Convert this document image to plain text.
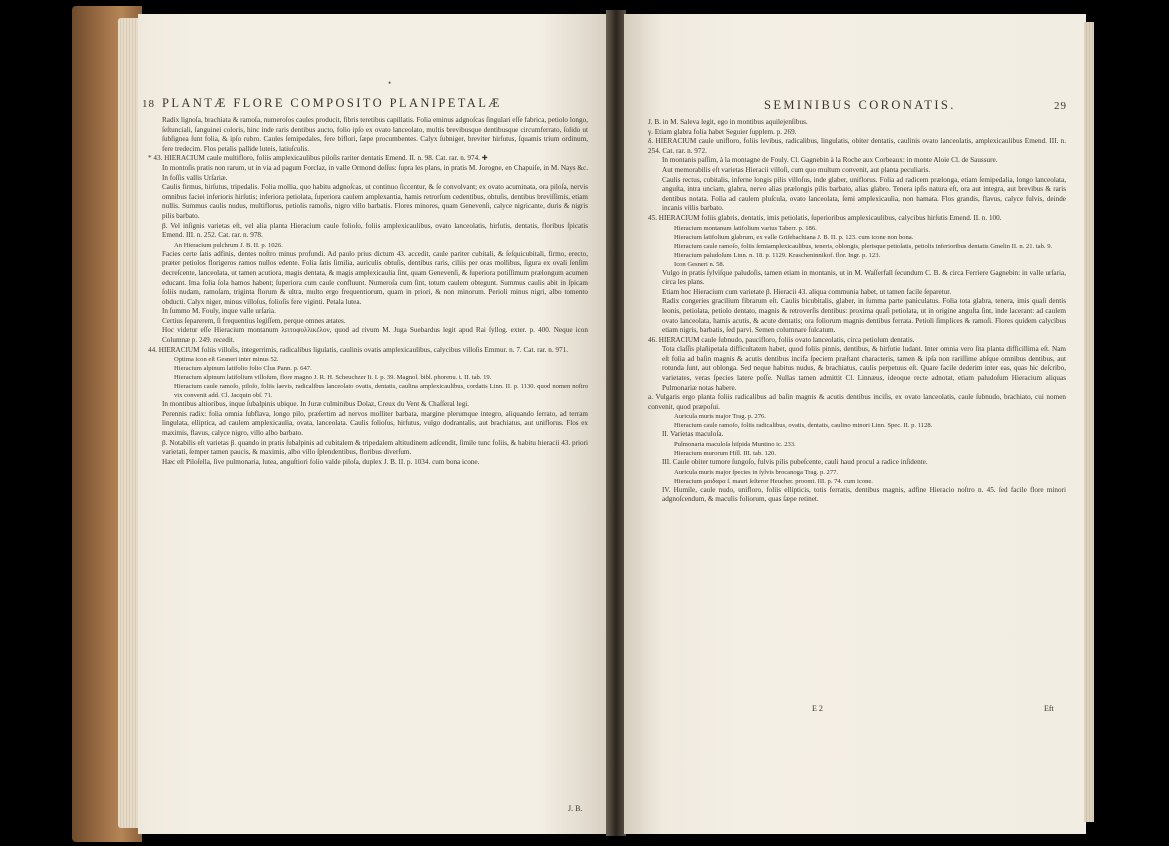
•
18 PLANTÆ FLORE COMPOSITO PLANIPETALÆ

Radix lignoſa, brachiata & ramoſa, numeroſos caules producit, fibris teretibus capillatis. Folia eminus adgnoſcas ſingulari eſſe fabrica, petiolo longo, ſeſtunciali, ſanguinei coloris, hinc inde raris dentibus aucto, folio ipſo ex ovato lanceolato, multis brevibusque dentibusque circumferrato, ſolido ut ſubſignea ſunt folia, & ipſo rubro. Caules ſemipedales, fere biflori, ſæpe procumbentes. Calyx ſubniger, breviter hirſutus, ſquamis trium ordinum, fere tredecim. Flos petalis pallide luteis, latiuſculis.

* 43. HIERACIUM caule multifloro, foliis amplexicaulibus piloſis rariter dentatis Emend. II. n. 98. Cat. rar. n. 974. ✚

In montoſis pratis non rarum, ut in via ad pagum Forclaz, in valle Ormond deſſus: ſupra les plans, in pratis M. Jorogne, en Chapuiſe, in M. Nays &c. In foſſis vallis Urſariæ.

Caulis firmus, hirſutus, tripedalis. Folia mollia, quo habitu adgnoſcas, ut continuo ſiccentur, & ſe convolvant; ex ovato acuminata, ora piloſa, nervis omnibus faciei inferioris hirſutis; inferiora petiolata, ſuperiora caulem amplexantia, hamis retrorſum cedentibus, obtuſis, dentibus breviſſimis, etiam nullis. Summus caulis nudus, multiflorus, petiolis ramoſis, nigro villo barbatis. Flores minores, quam Genevenſi, calyce nigricante, duris & nigris pilis barbato.

β. Vel inſignis varietas eſt, vel alia planta Hieracium caule folioſo, foliis amplexicaulibus, ovato lanceolatis, hirſutis, dentatis, floribus ſpicatis Emend. III. n. 252. Cat. rar. n. 978.

An Hieracium pulchrum J. B. II. p. 1026.

Facies certe ſatis adfinis, dentes noſtro minus profundi. Ad paulo prius dictum 43. accedit, caule pariter cubitali, & ſeſquicubitali, firmo, erecto, præter petiolos florigeros ramos nullos edente. Folia ſatis ſimilia, auriculis obtuſis, dentibus raris, ciliis per oras mollibus, ſigura ex ovali ſenſim decreſcente, lanceolata, ut tamen acutiora, magis dentata, & magis amplexicaulia ſint, quam Genevenſi, & ſuperiora potiſſimum prælongum acumen educant. Ima folia ſola hamos habent; ſuperiora cum caule confluunt. Numeroſa cum ſint, totum caulem obtegunt. Summus caulis abit in ſpicam ſoliis nudam, ramoſam, triginta florum & ultra, multo ergo frequentiorum, quam in priori, & non minorum. Perioli minus nigri, albo tomento obducti. Calyx niger, minus villoſus, folioſis fere viginti. Petala lutea.

In ſummo M. Fouly, inque valle urſaria.

Certius ſeparerem, ſi frequentius legiſſem, perque omnes ætates.

Hoc videtur eſſe Hieracium montanum λειτοφυλλικέλον, quod ad rivum M. Juga Suebardus legit apud Rai ſyllog. exter. p. 400. Neque icon Columnæ p. 249. recedit.

44. HIERACIUM foliis villoſis, integerrimis, radicalibus ligulatis, caulinis ovatis amplexicaulibus, calycibus villoſis Emmur. n. 7. Cat. rar. n. 971.

Optima icon eſt Gesneri inter minus 52.

Hieracium alpinum latifolio folio Clus Pann. p. 647.

Hieracium alpinum latifolium villoſum, flore magno J. R. H. Scheuchzer It. I. p. 39. Magnol. bibl. phorenu. t. II. tab. 19.

Hieracium caule ramoſo, piloſo, foliis laevis, radicalibus lanceolato ovatis, dentatis, caulina amplexicaulibus, cordatis Linn. II. p. 1130. quod nomen noſtro vix convenit add. Cl. Jacquin obſ. 71.

In montibus altioribus, inque ſubalpinis ubique. In Juræ culminibus Dolaz, Creux du Vent & Chaſſeral legi.

Perennis radix: folia omnia ſubflava, longo pilo, præſertim ad nervos molliter barbata, margine plerumque integro, aliquando ſerrato, ad terram lingulata, elliptica, ad caulem amplexicaulia, ovata, lanceolata. Caulis folioſus, hirſutus, vulgo dodrantalis, aut brachiatus, aut uniflorus. Flos ex maximis, flavus, calyce nigro, villo albo barbato.

β. Notabilis eſt varietas β. quando in pratis ſubalpinis ad cubitalem & tripedalem altitudinem adſcendit, ſimile tunc foliis, & habitu hieracii 43. priori varietati, ſemper tamen paucis, & maximis, albo villo ſplendentibus, floribus diverſum.

Hæc eſt Piloſella, ſive pulmonaria, lutea, anguſtiori folio valde piloſa, duplex J. B. II. p. 1034. cum bona icone.

J. B.
SEMINIBUS CORONATIS.	29

J. B. in M. Saleva legit, ego in montibus aquilejenſibus.

γ. Etiam glabra folia habet Seguier ſupplem. p. 269.

δ. HIERACIUM caule unifloro, foliis levibus, radicalibus, lingulatis, obiter dentatis, caulinis ovato lanceolatis, amplexicaulibus Emend. III. n. 254. Cat. rar. n. 972.

In montanis paſſim, à la montagne de Fouly. Cl. Gagnebin à la Roche aux Corbeaux: in monte Aloie Cl. de Saussure.

Aut memorabilis eſt varietas Hieracii villoſi, cum quo multum convenit, aut planta peculiaris.

Caulis rectus, cubitalis, inferne longis pilis villoſus, inde glaber, uniflorus. Folia ad radicem prælonga, etiam ſemipedalia, longo lanceolata, anguſta, intra unciam, glabra, nervo alias prælongis pilis barbato, alias glabro. Tenera ipſis natura eſt, ora aut integra, aut brevibus & raris dentibus notata. Folia ad caulem pluſcula, ovato lanceolata, ſemi amplexicaulia, non hamata. Flos grandis, flavus, calyce fulvis, deinde incanis villis barbato.

45. HIERACIUM foliis glabris, dentatis, imis petiolatis, ſuperioribus amplexicaulibus, calycibus hirſutis Emend. II. n. 100.

Hieracium montanum latifolium varius Taberr. p. 186.

Hieracium latifolium glabrum, ex valle Griſebachiana J. B. II. p. 123. cum icone non bona.

Hieracium caule ramoſo, foliis ſemiamplexicaulibus, teneris, oblongis, plerisque petiolatis, petiolis inferioribus dentatis Gmelin II. n. 21. tab. 9.

Hieracium paludoſum Linn. n. 18. p. 1129. Krascheninnikof. flor. Ingr. p. 123.

Icon Gesneri n. 58.

Vulgo in pratis ſylviſque paludoſis, tamen etiam in montanis, ut in M. Waſſerfall ſecundum C. B. & circa Ferriere Gagnebin: in valle urſaria, circa les plans.

Etiam hoc Hieracium cum varietate β. Hieracii 43. aliqua communia habet, ut tamen facile ſeparetur.

Radix congeries gracilium fibrarum eſt. Caulis bicubitalis, glaber, in ſumma parte paniculatus. Folia tota glabra, tenera, imis quaſi dentis leonis, petiolata, petiolo dentato, magnis & retroverſis dentibus: proxima quaſi petiolata, ut in origine anguſta ſint, inde lacerant: ad caulem ovato lanceolata, hamis acutis, & acute dentatis; ora foliorum magnis dentibus ferrata. Petioli ſimplices & ramoſi. Flores quidem calycibus etiam nigris, barbatis, ſed parvi. Semen columnare ſulcatum.

46. HIERACIUM caule ſubnudo, paucifloro, foliis ovato lanceolatis, circa petiolum dentatis.

Tota claſſis plañipetala difficultatem habet, quod foliis pinnis, dentibus, & hirſutie ludant. Inter omnia vero ſita planta difficillima eſt. Nam eſt folia ad baſin magnis & acutis dentibus incifa ſpeciem præſtant characteris, tamen & ipſa non rariſſime abſque omnibus dentibus, aut rotunda ſunt, aut oblonga. Sed neque habitus nudus, & brachiatus, caulis perpetuus eſt. Quare facile dederim inter eas, quas hic deſcribo, varietates, veras ſpecies latere poſſe. Nullas tamen admittit Cl. Linnæus, ideoque recte adnotat, etiam paludoſum Hieracium aliquas Pulmonariæ notas habere.

a. Vulgaris ergo planta foliis radicalibus ad baſin magnis & acutis dentibus inciſis, ex ovato lanceolatis, caule ſubnudo, brachiato, cui nomen convenit, quod præpoſui.

Auricula muris major Trag. p. 276.

Hieracium caule ramoſo, foliis radicalibus, ovatis, dentatis, caulino minori Linn. Spec. II. p. 1128.

II. Varietas maculoſa.

Pulmonaria maculoſa hiſpida Muntino ic. 233.

Hieracium murorum Hill. III. tab. 120.

III. Caule obiter tumore ſungoſo, fulvis pilis pubeſcente, cauli haud procul a radice inſidente.

Auricula muris major ſpecies in ſylvis brocanoga Trag. p. 277.

Hieracium μαιδαρα ſ. mauri ſeſteror Heucher. proomt. III. p. 74. cum icone.

IV. Humile, caule nudo, unifloro, foliis ellipticis, totis ferratis, dentibus magnis, adfine Hieracio noſtro n. 45. ſed facile flore minori adgnoſcendum, & maculis foliorum, quas ſæpe retinet.

E 2	Eft
